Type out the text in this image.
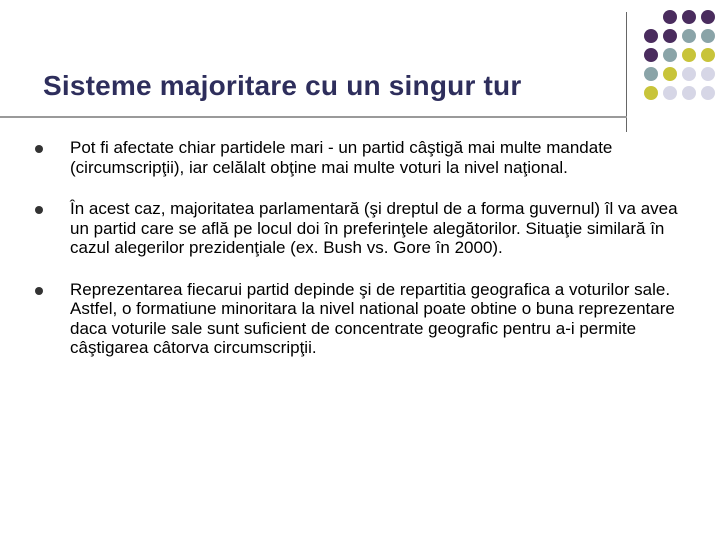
Sisteme majoritare cu un singur tur
Pot fi afectate chiar partidele mari - un partid câştigă mai multe mandate (circumscripţii), iar celălalt obţine mai multe voturi la nivel naţional.
În acest caz, majoritatea parlamentară (şi dreptul de a forma guvernul) îl va avea un partid care se află pe locul doi în preferinţele alegătorilor. Situaţie similară în cazul alegerilor prezidenţiale (ex. Bush vs. Gore în 2000).
Reprezentarea fiecarui partid depinde şi de repartitia geografica a voturilor sale. Astfel, o formatiune minoritara la nivel national poate obtine o buna reprezentare daca voturile sale sunt suficient de concentrate geografic pentru a-i permite câştigarea câtorva circumscripţii.
